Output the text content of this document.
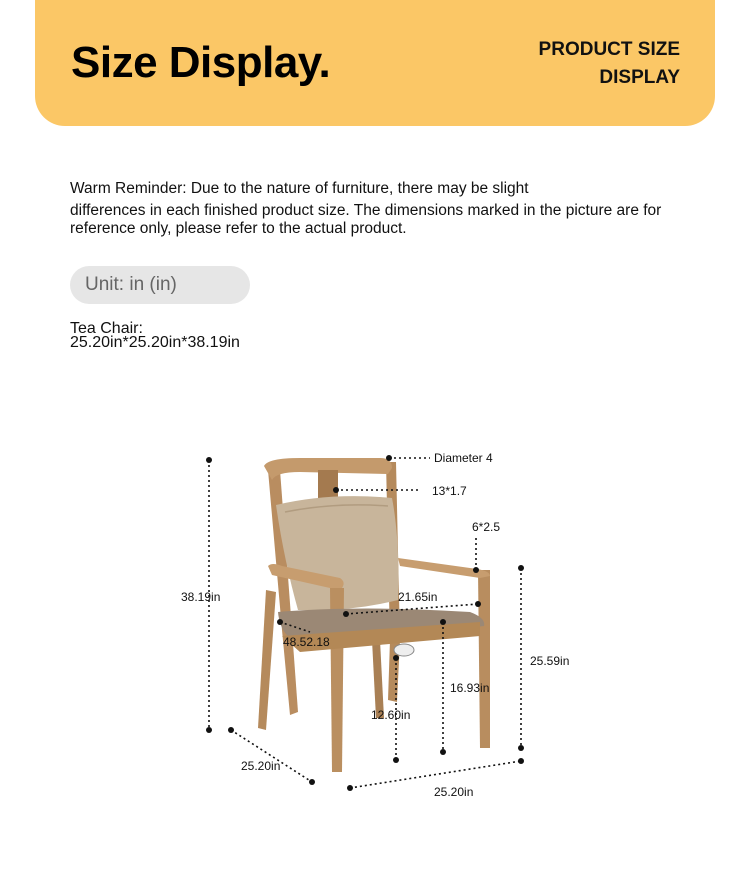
Size Display.	PRODUCT SIZE
DISPLAY
Warm Reminder: Due to the nature of furniture, there may be slight
differences in each finished product size. The dimensions marked in the picture are for reference only, please refer to the actual product.
Unit: in (in)
Tea Chair:
25.20in*25.20in*38.19in
Diameter 4
13*1.7
6*2.5
38.19in	21.65in
48.52.18
25.59in
16.93in
12.60in
25.20in
25.20in
